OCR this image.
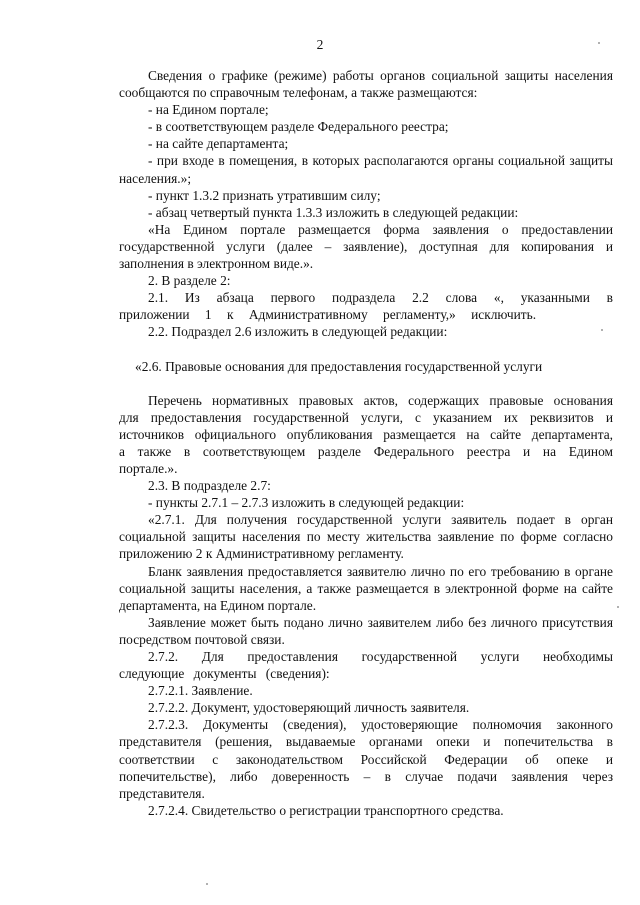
2

Сведения о графике (режиме) работы органов социальной защиты населения сообщаются по справочным телефонам, а также размещаются:

- на Едином портале;

- в соответствующем разделе Федерального реестра;

- на сайте департамента;

- при входе в помещения, в которых располагаются органы социальной защиты населения.»;

- пункт 1.3.2 признать утратившим силу;

- абзац четвертый пункта 1.3.3 изложить в следующей редакции:

«На Едином портале размещается форма заявления о предоставлении государственной услуги (далее – заявление), доступная для копирования и заполнения в электронном виде.».

2. В разделе 2:

2.1. Из абзаца первого подраздела 2.2 слова «, указанными в приложении 1 к Административному регламенту,» исключить.

2.2. Подраздел 2.6 изложить в следующей редакции:

«2.6. Правовые основания для предоставления государственной услуги

Перечень нормативных правовых актов, содержащих правовые основания для предоставления государственной услуги, с указанием их реквизитов и источников официального опубликования размещается на сайте департамента, а также в соответствующем разделе Федерального реестра и на Едином портале.».

2.3. В подразделе 2.7:

- пункты 2.7.1 – 2.7.3 изложить в следующей редакции:

«2.7.1. Для получения государственной услуги заявитель подает в орган социальной защиты населения по месту жительства заявление по форме согласно приложению 2 к Административному регламенту.

Бланк заявления предоставляется заявителю лично по его требованию в органе социальной защиты населения, а также размещается в электронной форме на сайте департамента, на Едином портале.

Заявление может быть подано лично заявителем либо без личного присутствия посредством почтовой связи.

2.7.2. Для предоставления государственной услуги необходимы следующие документы (сведения):

2.7.2.1. Заявление.

2.7.2.2. Документ, удостоверяющий личность заявителя.

2.7.2.3. Документы (сведения), удостоверяющие полномочия законного представителя (решения, выдаваемые органами опеки и попечительства в соответствии с законодательством Российской Федерации об опеке и попечительстве), либо доверенность – в случае подачи заявления через представителя.

2.7.2.4. Свидетельство о регистрации транспортного средства.
